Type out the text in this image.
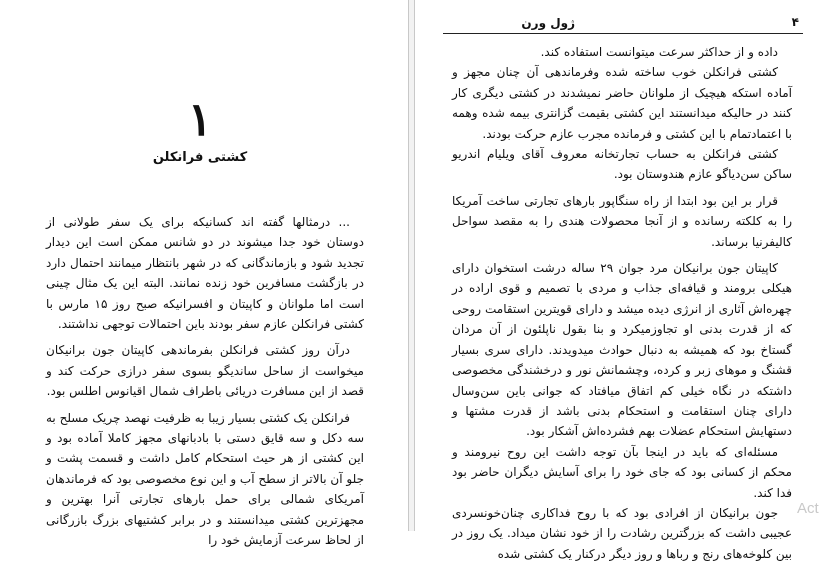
۱
کشتی فرانکلن

... درمثالها گفته اند کسانیکه برای یک سفر طولانی از دوستان خود جدا میشوند در دو شانس ممکن است این دیدار تجدید شود و بازماندگانی که در شهر بانتظار میمانند احتمال دارد در بازگشت مسافرین خود زنده نمانند. البته این یک مثال چینی است اما ملوانان و کاپیتان و افسرانیکه صبح روز ۱۵ مارس با کشتی فرانکلن عازم سفر بودند باین احتمالات توجهی نداشتند.

درآن روز کشتی فرانکلن بفرماندهی کاپیتان جون برانیکان میخواست از ساحل سانديگو بسوی سفر درازی حرکت کند و قصد از این مسافرت دریائی باطراف شمال اقیانوس اطلس بود.

فرانکلن یک کشتی بسیار زیبا به ظرفیت نهصد چریک مسلح به سه دکل و سه قایق دستی با بادبانهای مجهز کاملا آماده بود و این کشتی از هر حیث استحکام کامل داشت و قسمت پشت و جلو آن بالاتر از سطح آب و این نوع مخصوصی بود که فرماندهان آمریکای شمالی برای حمل بارهای تجارتی آنرا بهترین و مجهزترین کشتی میدانستند و در برابر کشتیهای بزرگ بازرگانی از لحاظ سرعت آزمایش خود را

ژول ورن	۴

داده و از حداکثر سرعت میتوانست استفاده کند.

کشتی فرانکلن خوب ساخته شده وفرماندهی آن چنان مجهز و آماده استکه هیچیک از ملوانان حاضر نمیشدند در کشتی دیگری کار کنند در حالیکه میدانستند این کشتی بقیمت گزانتری بیمه شده وهمه با اعتمادتمام با این کشتی و فرمانده مجرب عازم حرکت بودند.

کشتی فرانکلن به حساب تجارتخانه معروف آقای ویلیام اندریو ساکن سن‌دیاگو عازم هندوستان بود.

قرار بر این بود ابتدا از راه سنگاپور بارهای تجارتی ساخت آمریکا را به کلکته رسانده و از آنجا محصولات هندی را به مقصد سواحل کالیفرنیا برساند.

کاپیتان جون برانیکان مرد جوان ۲۹ ساله درشت استخوان دارای هیکلی برومند و قیافه‌ای جذاب و مردی با تصمیم و قوی اراده در چهره‌اش آثاری از انرژی دیده میشد و دارای قویترین استقامت روحی که از قدرت بدنی او تجاوزمیکرد و بنا بقول ناپلئون از آن مردان گستاخ بود که همیشه به دنبال حوادث میدویدند. دارای سری بسیار قشنگ و موهای زبر و کرده، وچشمانش نور و درخشندگی مخصوصی داشتکه در نگاه خیلی کم اتفاق میافتاد که جوانی باین سن‌وسال دارای چنان استقامت و استحکام بدنی باشد از قدرت مشتها و دستهایش استحکام عضلات بهم فشرده‌اش آشکار بود.

مسئله‌ای که باید در اینجا بآن توجه داشت این روح نیرومند و محکم از کسانی بود که جای خود را برای آسایش دیگران حاضر بود فدا کند.

جون برانیکان از افرادی بود که با روح فداکاری چنان‌خونسردی عجیبی داشت که بزرگترین رشادت را از خود نشان میداد. یک روز در بین کلوخه‌های رنج و رباها و روز دیگر درکنار یک کشتی شده

Act
